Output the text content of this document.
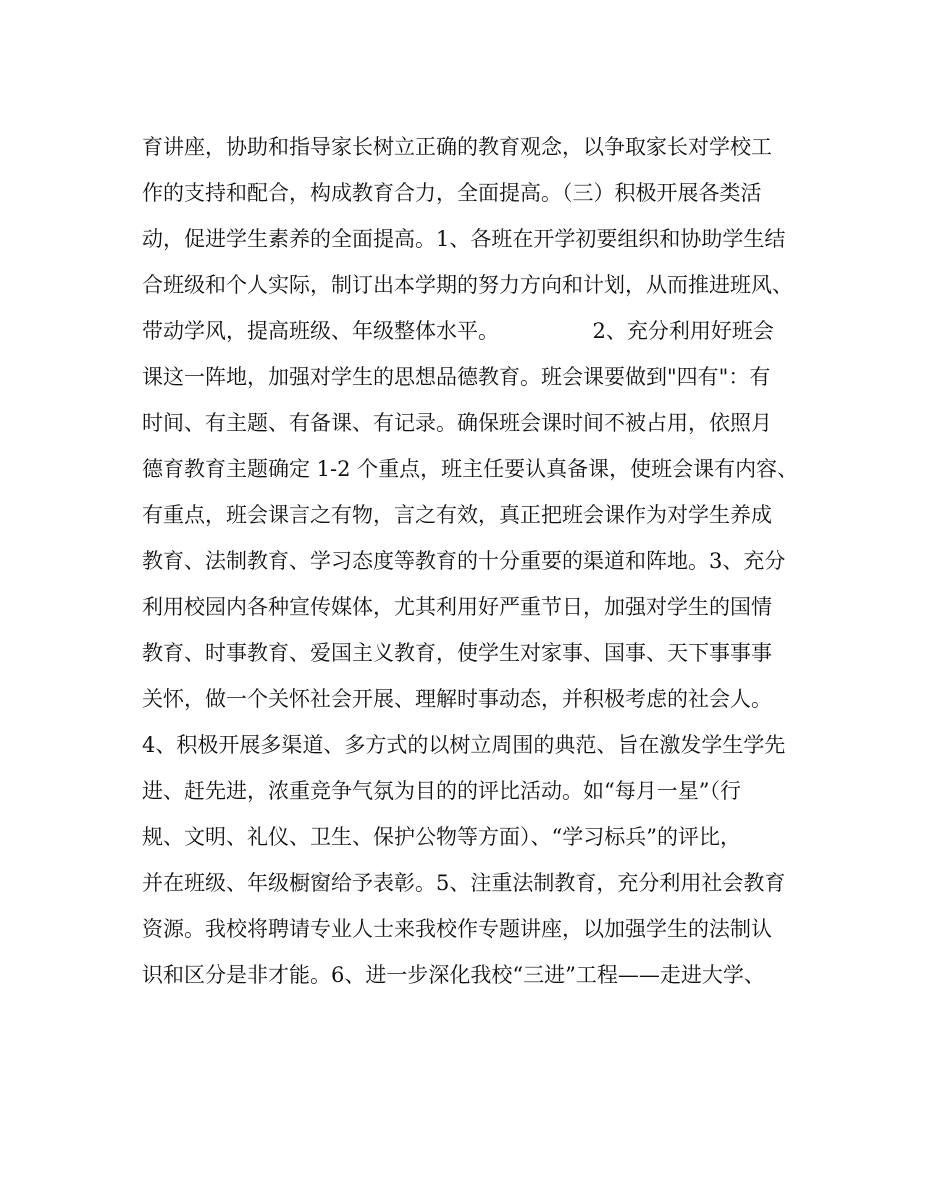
育讲座，协助和指导家长树立正确的教育观念，以争取家长对学校工
作的支持和配合，构成教育合力，全面提高。（三）积极开展各类活
动，促进学生素养的全面提高。1、各班在开学初要组织和协助学生结
合班级和个人实际，制订出本学期的努力方向和计划，从而推进班风、
带动学风，提高班级、年级整体水平。              2、充分利用好班会
课这一阵地，加强对学生的思想品德教育。班会课要做到"四有"：有
时间、有主题、有备课、有记录。确保班会课时间不被占用，依照月
德育教育主题确定 1-2 个重点，班主任要认真备课，使班会课有内容、
有重点，班会课言之有物，言之有效，真正把班会课作为对学生养成
教育、法制教育、学习态度等教育的十分重要的渠道和阵地。3、充分
利用校园内各种宣传媒体，尤其利用好严重节日，加强对学生的国情
教育、时事教育、爱国主义教育，使学生对家事、国事、天下事事事
关怀，做一个关怀社会开展、理解时事动态，并积极考虑的社会人。
4、积极开展多渠道、多方式的以树立周围的典范、旨在激发学生学先
进、赶先进，浓重竞争气氛为目的的评比活动。如“每月一星”（行
规、文明、礼仪、卫生、保护公物等方面）、“学习标兵”的评比，
并在班级、年级橱窗给予表彰。5、注重法制教育，充分利用社会教育
资源。我校将聘请专业人士来我校作专题讲座，以加强学生的法制认
识和区分是非才能。6、进一步深化我校“三进”工程——走进大学、
